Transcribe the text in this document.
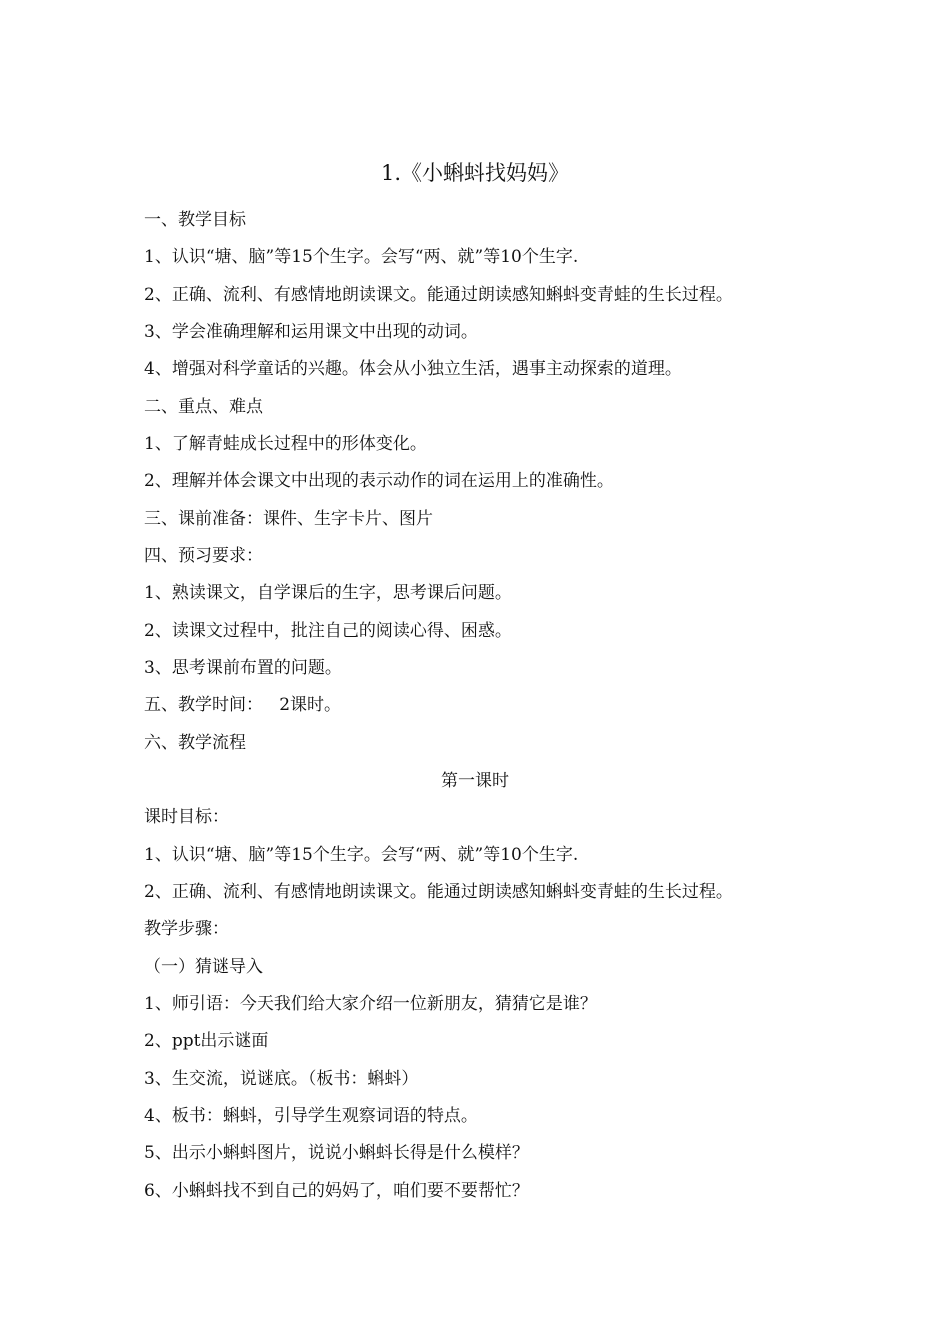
1.《小蝌蚪找妈妈》
一、教学目标
1、认识“塘、脑”等15个生字。会写“两、就”等10个生字.
2、正确、流利、有感情地朗读课文。能通过朗读感知蝌蚪变青蛙的生长过程。
3、学会准确理解和运用课文中出现的动词。
4、增强对科学童话的兴趣。体会从小独立生活，遇事主动探索的道理。
二、重点、难点
1、了解青蛙成长过程中的形体变化。
2、理解并体会课文中出现的表示动作的词在运用上的准确性。
三、课前准备：课件、生字卡片、图片
四、预习要求：
1、熟读课文，自学课后的生字，思考课后问题。
2、读课文过程中，批注自己的阅读心得、困惑。
3、思考课前布置的问题。
五、教学时间：   2课时。
六、教学流程
第一课时
课时目标：
1、认识“塘、脑”等15个生字。会写“两、就”等10个生字.
2、正确、流利、有感情地朗读课文。能通过朗读感知蝌蚪变青蛙的生长过程。
教学步骤：
（一）猜谜导入
1、师引语：今天我们给大家介绍一位新朋友，猜猜它是谁？
2、ppt出示谜面
3、生交流，说谜底。（板书：蝌蚪）
4、板书：蝌蚪，引导学生观察词语的特点。
5、出示小蝌蚪图片，说说小蝌蚪长得是什么模样？
6、小蝌蚪找不到自己的妈妈了，咱们要不要帮忙？
